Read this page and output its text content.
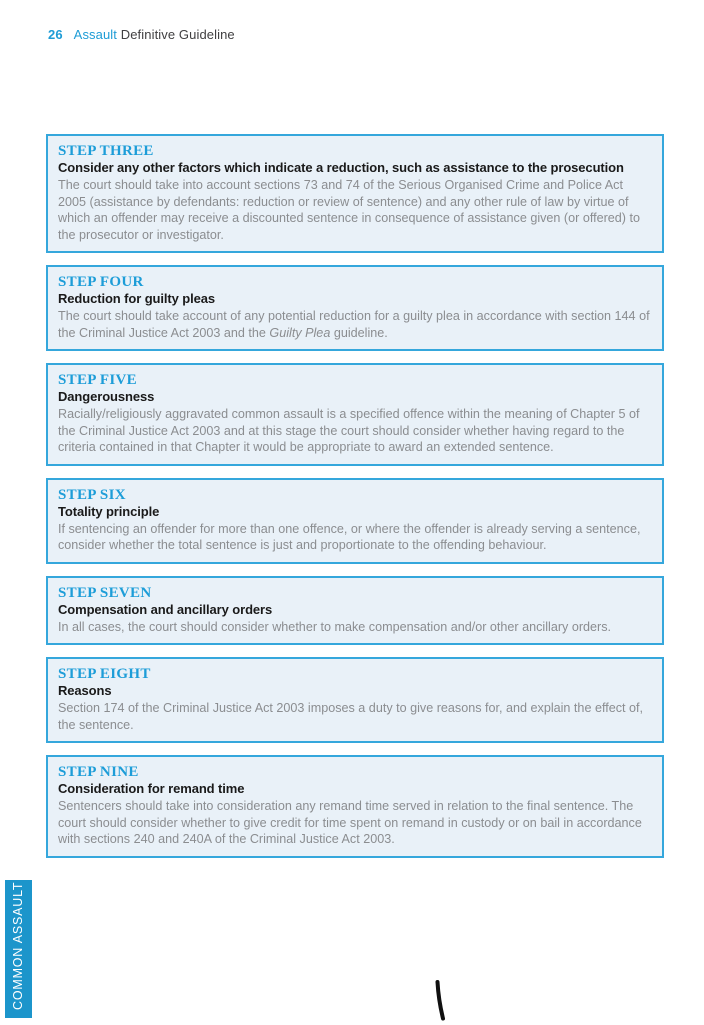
26 Assault Definitive Guideline
STEP THREE
Consider any other factors which indicate a reduction, such as assistance to the prosecution

The court should take into account sections 73 and 74 of the Serious Organised Crime and Police Act 2005 (assistance by defendants: reduction or review of sentence) and any other rule of law by virtue of which an offender may receive a discounted sentence in consequence of assistance given (or offered) to the prosecutor or investigator.

STEP FOUR
Reduction for guilty pleas

The court should take account of any potential reduction for a guilty plea in accordance with section 144 of the Criminal Justice Act 2003 and the Guilty Plea guideline.

STEP FIVE
Dangerousness

Racially/religiously aggravated common assault is a specified offence within the meaning of Chapter 5 of the Criminal Justice Act 2003 and at this stage the court should consider whether having regard to the criteria contained in that Chapter it would be appropriate to award an extended sentence.

STEP SIX
Totality principle

If sentencing an offender for more than one offence, or where the offender is already serving a sentence, consider whether the total sentence is just and proportionate to the offending behaviour.

STEP SEVEN
Compensation and ancillary orders

In all cases, the court should consider whether to make compensation and/or other ancillary orders.

STEP EIGHT
Reasons

Section 174 of the Criminal Justice Act 2003 imposes a duty to give reasons for, and explain the effect of, the sentence.

STEP NINE
Consideration for remand time

Sentencers should take into consideration any remand time served in relation to the final sentence. The court should consider whether to give credit for time spent on remand in custody or on bail in accordance with sections 240 and 240A of the Criminal Justice Act 2003.

COMMON ASSAULT
